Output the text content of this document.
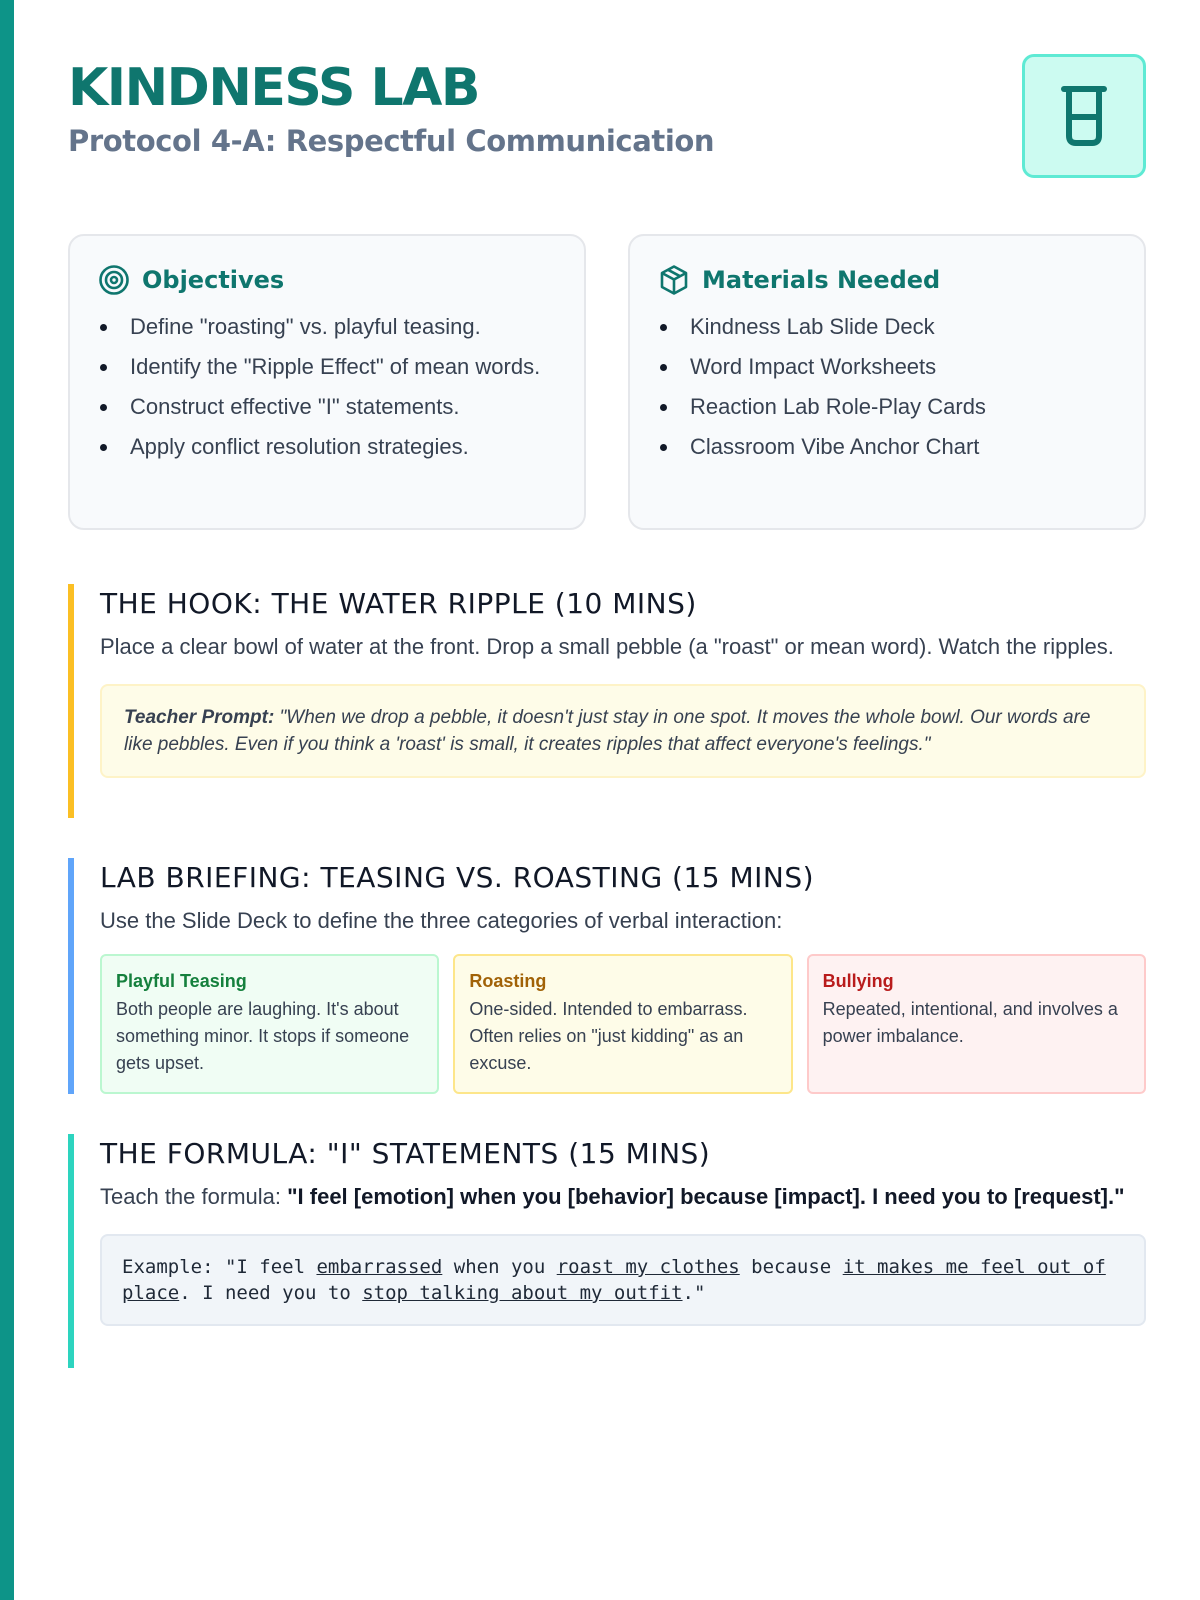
KINDNESS LAB
Protocol 4-A: Respectful Communication
Objectives
Define "roasting" vs. playful teasing.
Identify the "Ripple Effect" of mean words.
Construct effective "I" statements.
Apply conflict resolution strategies.
Materials Needed
Kindness Lab Slide Deck
Word Impact Worksheets
Reaction Lab Role-Play Cards
Classroom Vibe Anchor Chart
THE HOOK: THE WATER RIPPLE (10 MINS)
Place a clear bowl of water at the front. Drop a small pebble (a "roast" or mean word). Watch the ripples.
Teacher Prompt: "When we drop a pebble, it doesn't just stay in one spot. It moves the whole bowl. Our words are like pebbles. Even if you think a 'roast' is small, it creates ripples that affect everyone's feelings."
LAB BRIEFING: TEASING VS. ROASTING (15 MINS)
Use the Slide Deck to define the three categories of verbal interaction:
Playful Teasing
Both people are laughing. It's about something minor. It stops if someone gets upset.
Roasting
One-sided. Intended to embarrass. Often relies on "just kidding" as an excuse.
Bullying
Repeated, intentional, and involves a power imbalance.
THE FORMULA: "I" STATEMENTS (15 MINS)
Teach the formula: "I feel [emotion] when you [behavior] because [impact]. I need you to [request]."
Example: "I feel embarrassed when you roast my clothes because it makes me feel out of place. I need you to stop talking about my outfit."
